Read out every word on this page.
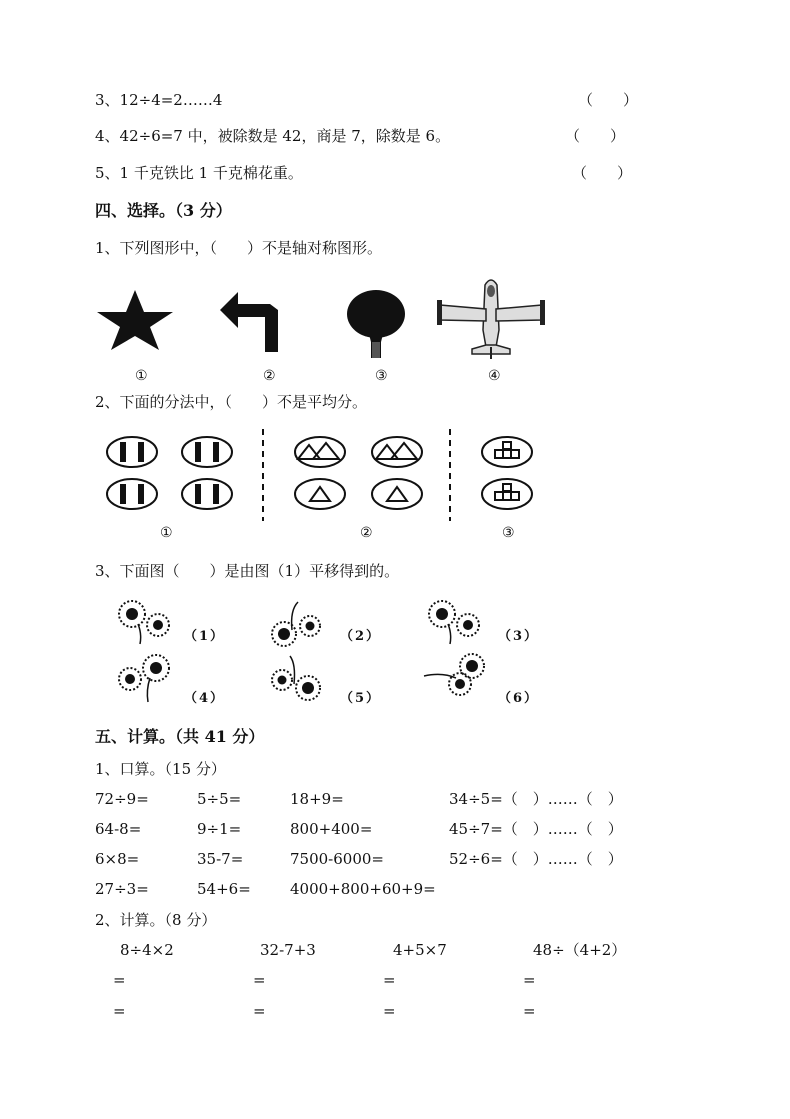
3、12÷4=2……4	（　　）
4、42÷6=7 中，被除数是 42，商是 7，除数是 6。	（　　）
5、1 千克铁比 1 千克棉花重。	（　　）
四、选择。（3 分）
1、下列图形中，（　　）不是轴对称图形。
①	②	③	④
2、下面的分法中，（　　）不是平均分。
①	②	③
3、下面图（　　）是由图（1）平移得到的。
（1）	（2）	（3）
（4）	（5）	（6）
五、计算。（共 41 分）
1、口算。（15 分）
72÷9=	5÷5=	18+9=	34÷5=（　）……（　）
64-8=	9÷1=	800+400=	45÷7=（　）……（　）
6×8=	35-7=	7500-6000=	52÷6=（　）……（　）
27÷3=	54+6=	4000+800+60+9=
2、计算。（8 分）
8÷4×2	32-7+3	4+5×7	48÷（4+2）
=	=	=	=
=	=	=	=
